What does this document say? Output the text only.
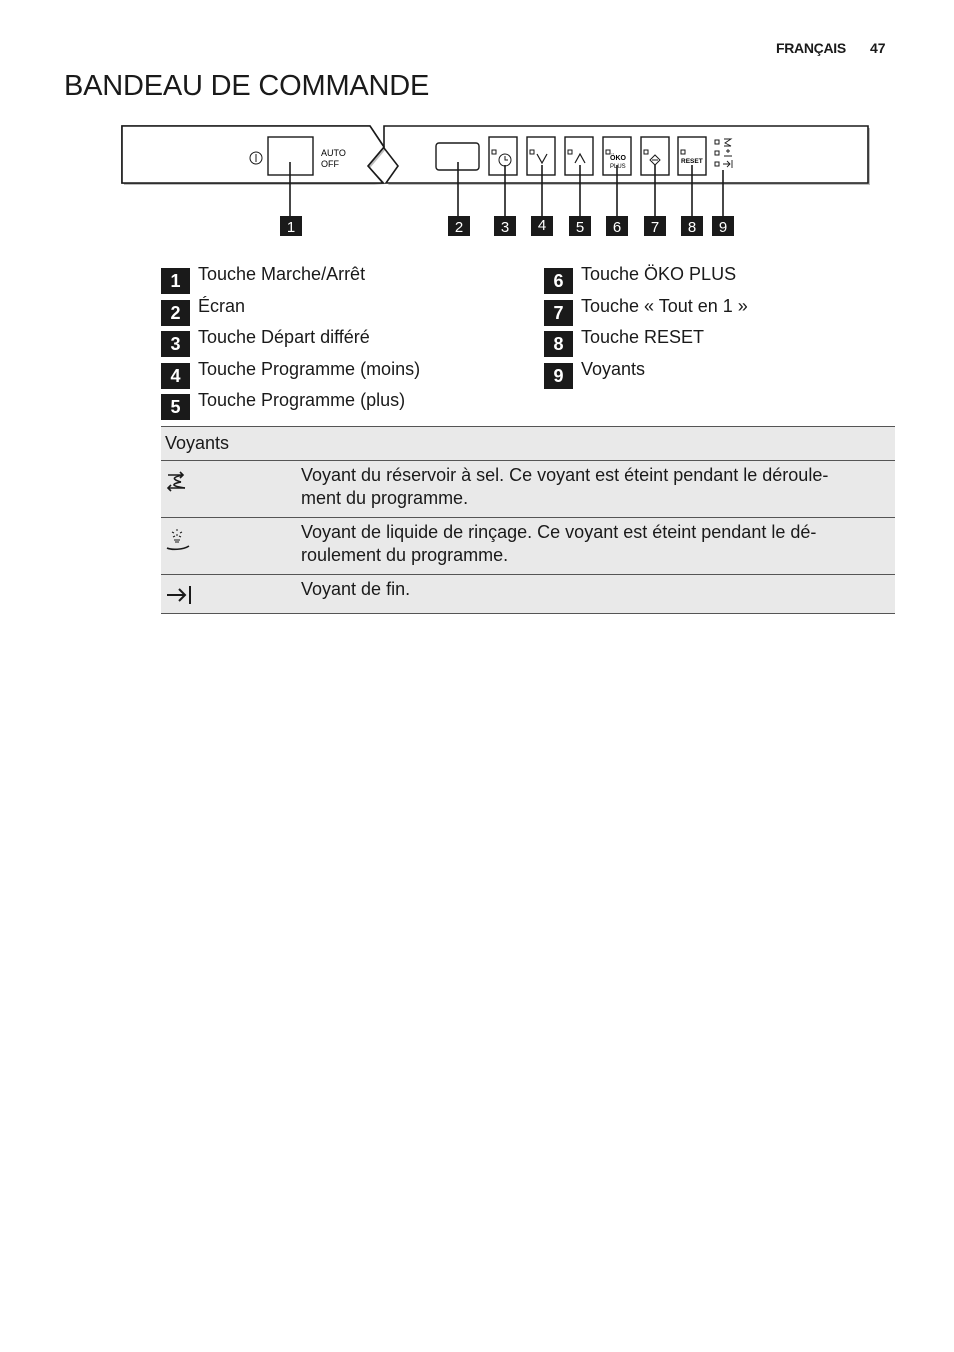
FRANÇAIS 47
BANDEAU DE COMMANDE
AUTO
OFF
ÖKO
PLUS
RESET
1	2	3 4 5 6 7 8 9
1 Touche Marche/Arrêt
2 Écran
3 Touche Départ différé
4 Touche Programme (moins)
5 Touche Programme (plus)
6 Touche ÖKO PLUS
7 Touche « Tout en 1 »
8 Touche RESET
9 Voyants
Voyants
Voyant du réservoir à sel. Ce voyant est éteint pendant le déroule-
ment du programme.
Voyant de liquide de rinçage. Ce voyant est éteint pendant le dé-
roulement du programme.
Voyant de fin.
